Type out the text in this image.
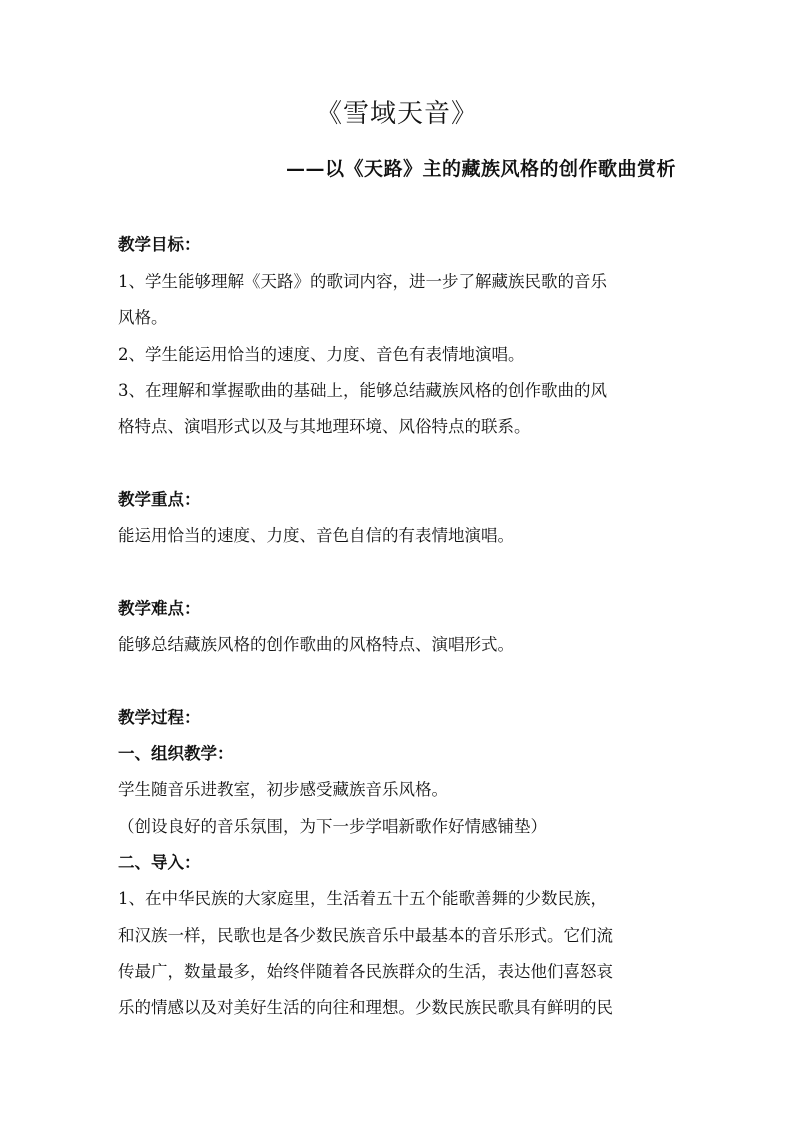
《雪域天音》
——以《天路》主的藏族风格的创作歌曲赏析
教学目标：
1、学生能够理解《天路》的歌词内容，进一步了解藏族民歌的音乐
风格。
2、学生能运用恰当的速度、力度、音色有表情地演唱。
3、在理解和掌握歌曲的基础上，能够总结藏族风格的创作歌曲的风
格特点、演唱形式以及与其地理环境、风俗特点的联系。
教学重点：
能运用恰当的速度、力度、音色自信的有表情地演唱。
教学难点：
能够总结藏族风格的创作歌曲的风格特点、演唱形式。
教学过程：
一、组织教学：
学生随音乐进教室，初步感受藏族音乐风格。
（创设良好的音乐氛围，为下一步学唱新歌作好情感铺垫）
二、导入：
1、在中华民族的大家庭里，生活着五十五个能歌善舞的少数民族，
和汉族一样，民歌也是各少数民族音乐中最基本的音乐形式。它们流
传最广，数量最多，始终伴随着各民族群众的生活，表达他们喜怒哀
乐的情感以及对美好生活的向往和理想。少数民族民歌具有鲜明的民
